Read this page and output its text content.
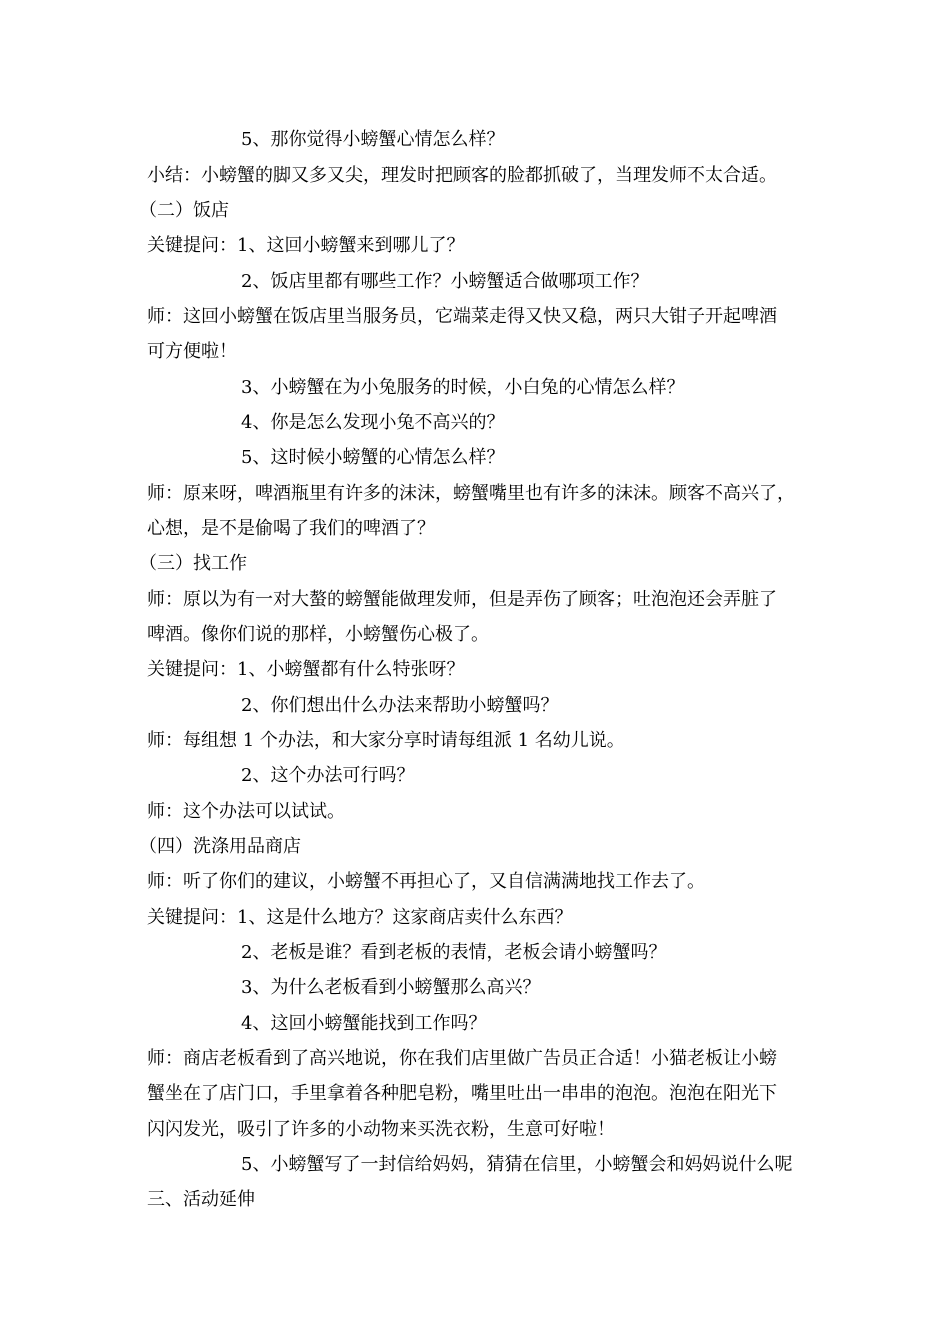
5、那你觉得小螃蟹心情怎么样？
小结：小螃蟹的脚又多又尖，理发时把顾客的脸都抓破了，当理发师不太合适。
（二）饭店
关键提问：1、这回小螃蟹来到哪儿了？
2、饭店里都有哪些工作？小螃蟹适合做哪项工作？
师：这回小螃蟹在饭店里当服务员，它端菜走得又快又稳，两只大钳子开起啤酒
可方便啦！
3、小螃蟹在为小兔服务的时候，小白兔的心情怎么样？
4、你是怎么发现小兔不高兴的？
5、这时候小螃蟹的心情怎么样？
师：原来呀，啤酒瓶里有许多的沫沫，螃蟹嘴里也有许多的沫沫。顾客不高兴了，
心想，是不是偷喝了我们的啤酒了？
（三）找工作
师：原以为有一对大螯的螃蟹能做理发师，但是弄伤了顾客；吐泡泡还会弄脏了
啤酒。像你们说的那样，小螃蟹伤心极了。
关键提问：1、小螃蟹都有什么特张呀？
2、你们想出什么办法来帮助小螃蟹吗？
师：每组想 1 个办法，和大家分享时请每组派 1 名幼儿说。
2、这个办法可行吗？
师：这个办法可以试试。
（四）洗涤用品商店
师：听了你们的建议，小螃蟹不再担心了，又自信满满地找工作去了。
关键提问：1、这是什么地方？这家商店卖什么东西？
2、老板是谁？看到老板的表情，老板会请小螃蟹吗？
3、为什么老板看到小螃蟹那么高兴？
4、这回小螃蟹能找到工作吗？
师：商店老板看到了高兴地说，你在我们店里做广告员正合适！小猫老板让小螃
蟹坐在了店门口，手里拿着各种肥皂粉，嘴里吐出一串串的泡泡。泡泡在阳光下
闪闪发光，吸引了许多的小动物来买洗衣粉，生意可好啦！
5、小螃蟹写了一封信给妈妈，猜猜在信里，小螃蟹会和妈妈说什么呢
三、活动延伸
